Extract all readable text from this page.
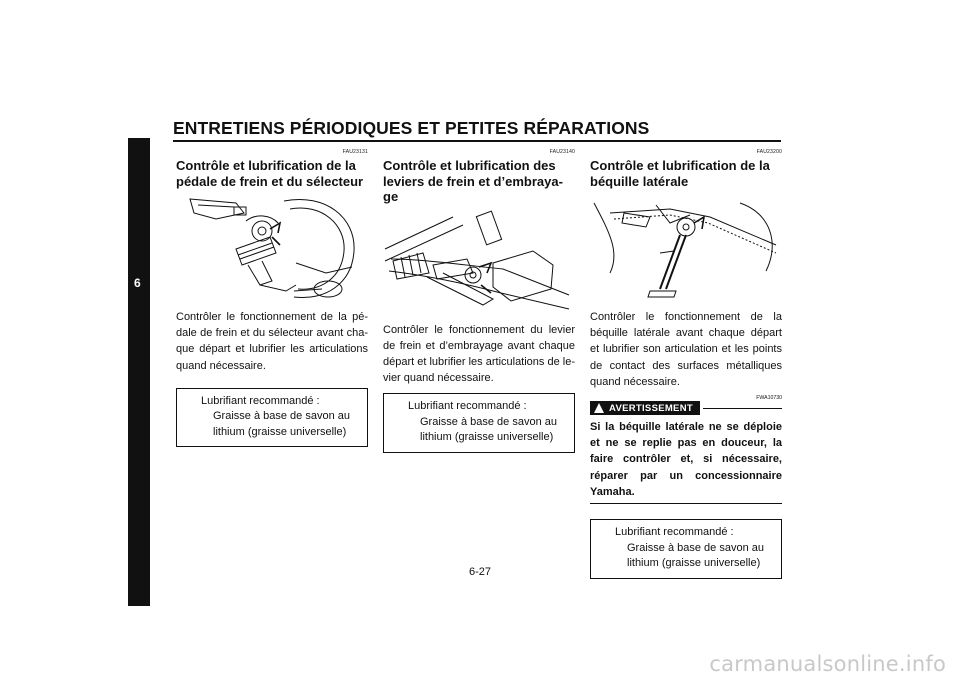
ENTRETIENS PÉRIODIQUES ET PETITES RÉPARATIONS
6
FAU23131
Contrôle et lubrification de la pédale de frein et du sélecteur

Contrôler le fonctionnement de la pé-dale de frein et du sélecteur avant cha-que départ et lubrifier les articulations quand nécessaire.

Lubrifiant recommandé :
Graisse à base de savon au lithium (graisse universelle)
FAU23140
Contrôle et lubrification des leviers de frein et d’embraya-ge

Contrôler le fonctionnement du levier de frein et d’embrayage avant chaque départ et lubrifier les articulations de le-vier quand nécessaire.

Lubrifiant recommandé :
Graisse à base de savon au lithium (graisse universelle)
FAU23200
Contrôle et lubrification de la béquille latérale

Contrôler le fonctionnement de la béquille latérale avant chaque départ et lubrifier son articulation et les points de contact des surfaces métalliques quand nécessaire.

FWA10730
AVERTISSEMENT

Si la béquille latérale ne se déploie et ne se replie pas en douceur, la faire contrôler et, si nécessaire, réparer par un concessionnaire Yamaha.

Lubrifiant recommandé :
Graisse à base de savon au lithium (graisse universelle)
6-27
carmanualsonline.info
